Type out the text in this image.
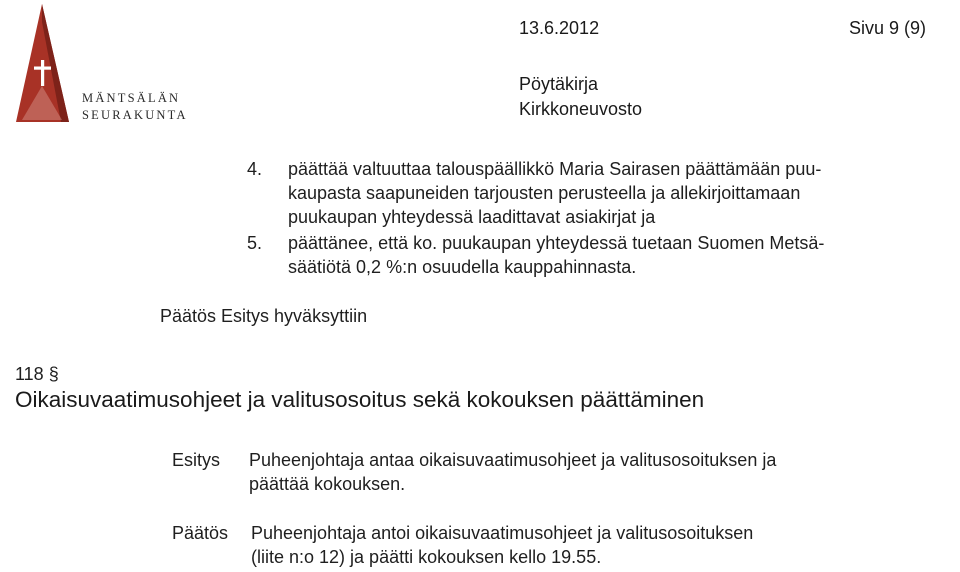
MÄNTSÄLÄN
SEURAKUNTA
13.6.2012	Sivu 9 (9)
Pöytäkirja
Kirkkoneuvosto
4.	päättää valtuuttaa talouspäällikkö Maria Sairasen päättämään puu-
kaupasta saapuneiden tarjousten perusteella ja allekirjoittamaan
puukaupan yhteydessä laadittavat asiakirjat ja
5.	päättänee, että ko. puukaupan yhteydessä tuetaan Suomen Metsä-
säätiötä 0,2 %:n osuudella kauppahinnasta.
Päätös Esitys hyväksyttiin
118 §
Oikaisuvaatimusohjeet ja valitusosoitus sekä kokouksen päättäminen
Esitys	Puheenjohtaja antaa oikaisuvaatimusohjeet ja valitusosoituksen ja
päättää kokouksen.
Päätös	Puheenjohtaja antoi oikaisuvaatimusohjeet ja valitusosoituksen
(liite n:o 12) ja päätti kokouksen kello 19.55.
